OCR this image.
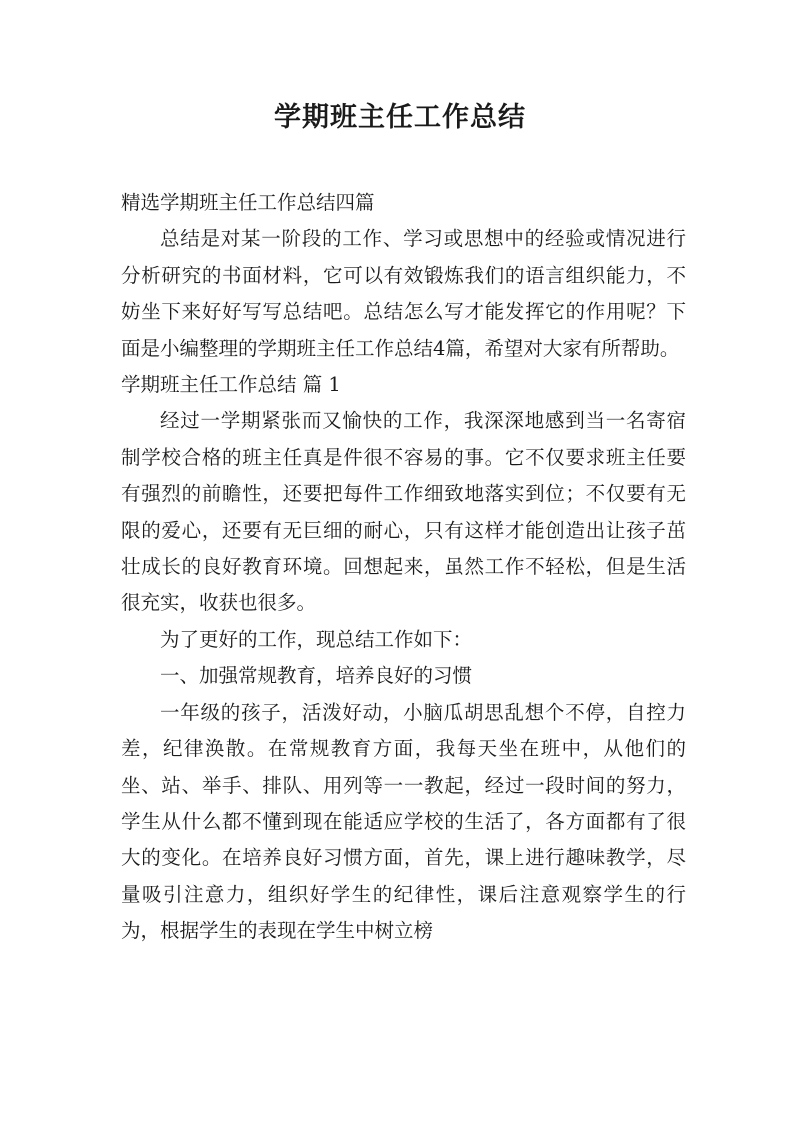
学期班主任工作总结

精选学期班主任工作总结四篇

总结是对某一阶段的工作、学习或思想中的经验或情况进行分析研究的书面材料，它可以有效锻炼我们的语言组织能力，不妨坐下来好好写写总结吧。总结怎么写才能发挥它的作用呢？下面是小编整理的学期班主任工作总结4篇，希望对大家有所帮助。

学期班主任工作总结 篇 1

经过一学期紧张而又愉快的工作，我深深地感到当一名寄宿制学校合格的班主任真是件很不容易的事。它不仅要求班主任要有强烈的前瞻性，还要把每件工作细致地落实到位；不仅要有无限的爱心，还要有无巨细的耐心，只有这样才能创造出让孩子茁壮成长的良好教育环境。回想起来，虽然工作不轻松，但是生活很充实，收获也很多。

为了更好的工作，现总结工作如下：

一、加强常规教育，培养良好的习惯

一年级的孩子，活泼好动，小脑瓜胡思乱想个不停，自控力差，纪律涣散。在常规教育方面，我每天坐在班中，从他们的坐、站、举手、排队、用列等一一教起，经过一段时间的努力，学生从什么都不懂到现在能适应学校的生活了，各方面都有了很大的变化。在培养良好习惯方面，首先，课上进行趣味教学，尽量吸引注意力，组织好学生的纪律性，课后注意观察学生的行为，根据学生的表现在学生中树立榜
